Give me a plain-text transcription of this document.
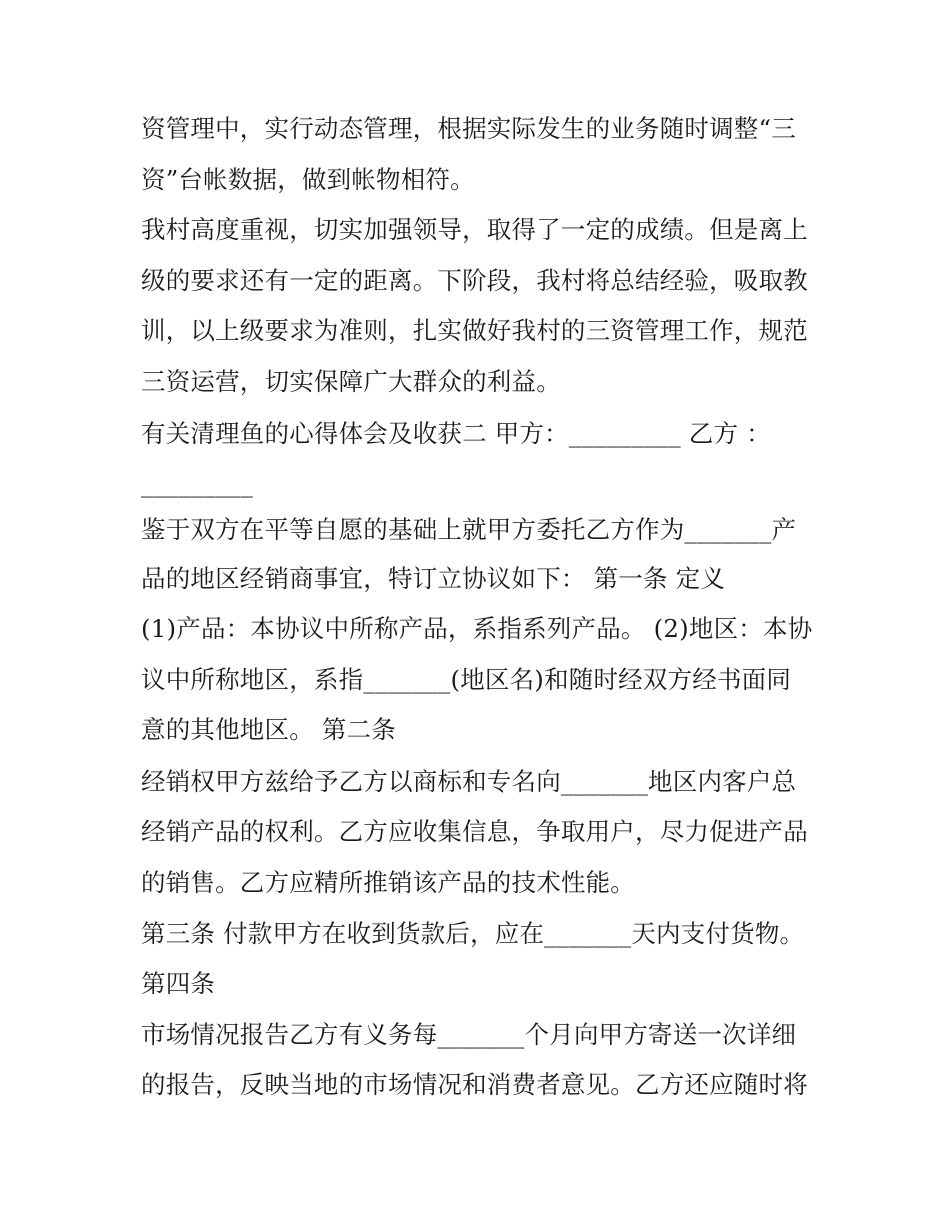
资管理中，实行动态管理，根据实际发生的业务随时调整“三

资”台帐数据，做到帐物相符。

我村高度重视，切实加强领导，取得了一定的成绩。但是离上

级的要求还有一定的距离。下阶段，我村将总结经验，吸取教

训，以上级要求为准则，扎实做好我村的三资管理工作，规范

三资运营，切实保障广大群众的利益。

有关清理鱼的心得体会及收获二 甲方：_________ 乙方 ：

_________

鉴于双方在平等自愿的基础上就甲方委托乙方作为_______产

品的地区经销商事宜，特订立协议如下： 第一条 定义

(1)产品：本协议中所称产品，系指系列产品。 (2)地区：本协

议中所称地区，系指_______(地区名)和随时经双方经书面同

意的其他地区。 第二条

经销权甲方兹给予乙方以商标和专名向_______地区内客户总

经销产品的权利。乙方应收集信息，争取用户，尽力促进产品

的销售。乙方应精所推销该产品的技术性能。

第三条 付款甲方在收到货款后，应在_______天内支付货物。

第四条

市场情况报告乙方有义务每_______个月向甲方寄送一次详细

的报告，反映当地的市场情况和消费者意见。乙方还应随时将
